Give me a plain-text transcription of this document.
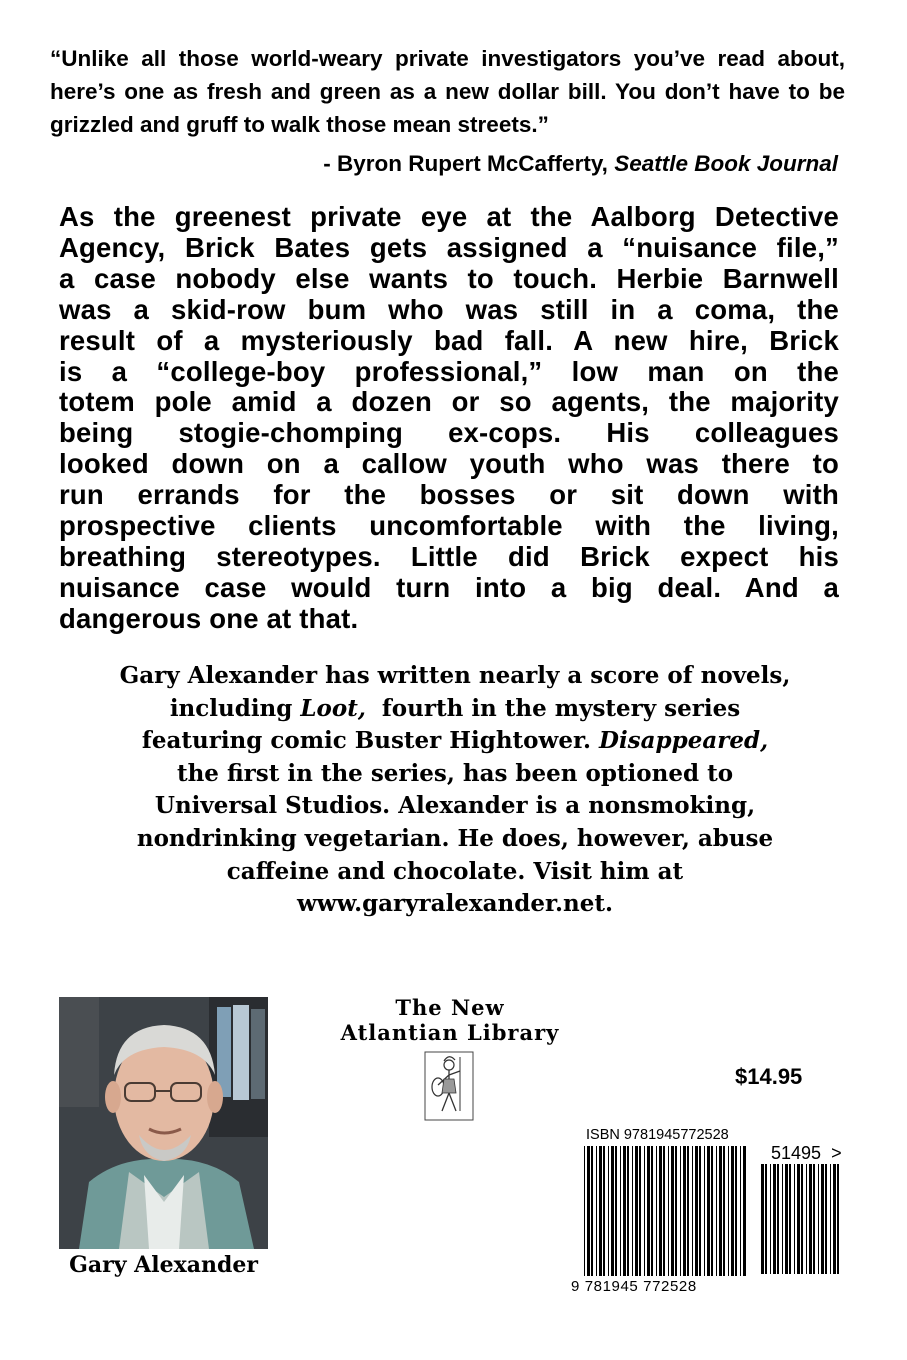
“Unlike all those world-weary private investigators you’ve read about, here’s one as fresh and green as a new dollar bill. You don’t have to be grizzled and gruff to walk those mean streets.”
- Byron Rupert McCafferty, Seattle Book Journal
As the greenest private eye at the Aalborg Detective
Agency, Brick Bates gets assigned a “nuisance file,”
a case nobody else wants to touch. Herbie Barnwell
was a skid-row bum who was still in a coma, the
result of a mysteriously bad fall. A new hire, Brick
is a “college-boy professional,” low man on the
totem pole amid a dozen or so agents, the majority
being stogie-chomping ex-cops. His colleagues
looked down on a callow youth who was there to
run errands for the bosses or sit down with
prospective clients uncomfortable with the living,
breathing stereotypes. Little did Brick expect his
nuisance case would turn into a big deal. And a
dangerous one at that.
Gary Alexander has written nearly a score of novels,
including Loot, fourth in the mystery series
featuring comic Buster Hightower. Disappeared,
the first in the series, has been optioned to
Universal Studios. Alexander is a nonsmoking,
nondrinking vegetarian. He does, however, abuse
caffeine and chocolate. Visit him at
www.garyralexander.net.
Gary Alexander
The New
Atlantian Library
$14.95
ISBN 9781945772528
51495 >
9 781945 772528
